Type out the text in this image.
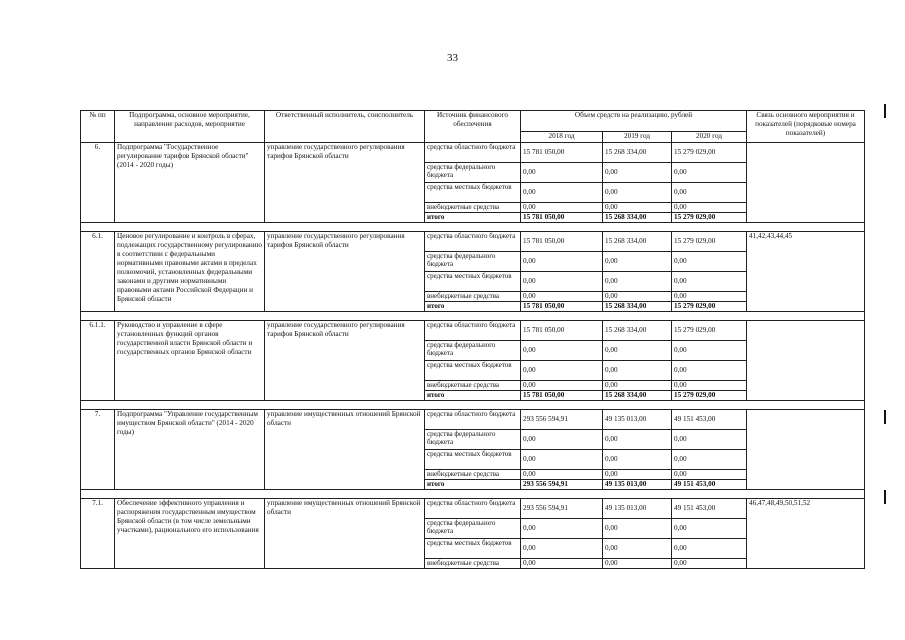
33
№ пп	Подпрограмма, основное мероприятие, направление расходов, мероприятие	Ответственный исполнитель, соисполнитель	Источник финансового обеспечения	Объем средств на реализацию, рублей			Связь основного мероприятия и показателей (порядковые номера показателей)
				2018 год	2019 год	2020 год	
6.	Подпрограмма "Государственное регулирование тарифов Брянской области" (2014 - 2020 годы)	управление государственного регулирования тарифов Брянской области	средства областного бюджета	15 781 050,00	15 268 334,00	15 279 029,00	
			средства федерального бюджета	0,00	0,00	0,00	
			средства местных бюджетов	0,00	0,00	0,00	
			внебюджетные средства	0,00	0,00	0,00	
			итого	15 781 050,00	15 268 334,00	15 279 029,00	

6.1.	Ценовое регулирование и контроль в сферах, подлежащих государственному регулированию в соответствии с федеральными нормативными правовыми актами в пределах полномочий, установленных федеральными законами и другими нормативными правовыми актами Российской Федерации и Брянской области	управление государственного регулирования тарифов Брянской области	средства областного бюджета	15 781 050,00	15 268 334,00	15 279 029,00	41,42,43,44,45
			средства федерального бюджета	0,00	0,00	0,00	
			средства местных бюджетов	0,00	0,00	0,00	
			внебюджетные средства	0,00	0,00	0,00	
			итого	15 781 050,00	15 268 334,00	15 279 029,00	

6.1.1.	Руководство и управление в сфере установленных функций органов государственной власти Брянской области и государственных органов Брянской области	управление государственного регулирования тарифов Брянской области	средства областного бюджета	15 781 050,00	15 268 334,00	15 279 029,00	
			средства федерального бюджета	0,00	0,00	0,00	
			средства местных бюджетов	0,00	0,00	0,00	
			внебюджетные средства	0,00	0,00	0,00	
			итого	15 781 050,00	15 268 334,00	15 279 029,00	

7.	Подпрограмма "Управление государственным имуществом Брянской области" (2014 - 2020 годы)	управление имущественных отношений Брянской области	средства областного бюджета	293 556 594,91	49 135 013,00	49 151 453,00	
			средства федерального бюджета	0,00	0,00	0,00	
			средства местных бюджетов	0,00	0,00	0,00	
			внебюджетные средства	0,00	0,00	0,00	
			итого	293 556 594,91	49 135 013,00	49 151 453,00	

7.1.	Обеспечение эффективного управления и распоряжения государственным имуществом Брянской области (в том числе земельными участками), рационального его использования	управление имущественных отношений Брянской области	средства областного бюджета	293 556 594,91	49 135 013,00	49 151 453,00	46,47,48,49,50,51,52
			средства федерального бюджета	0,00	0,00	0,00	
			средства местных бюджетов	0,00	0,00	0,00	
			внебюджетные средства	0,00	0,00	0,00	
